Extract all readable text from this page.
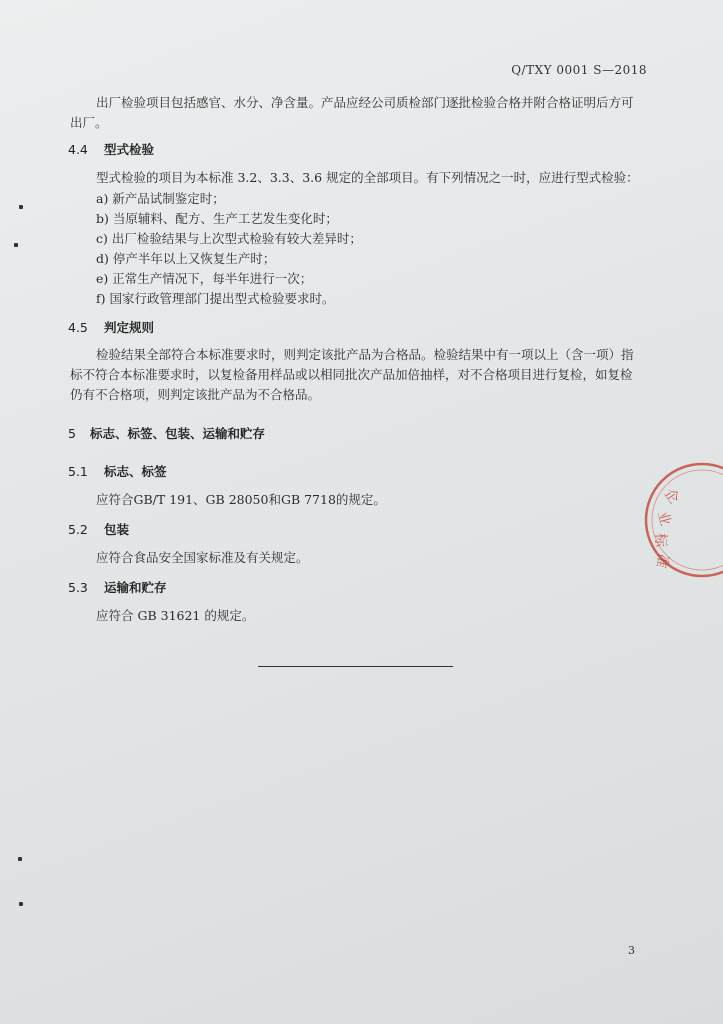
Q/TXY 0001 S—2018
出厂检验项目包括感官、水分、净含量。产品应经公司质检部门逐批检验合格并附合格证明后方可
出厂。
4.4 型式检验
型式检验的项目为本标准 3.2、3.3、3.6 规定的全部项目。有下列情况之一时，应进行型式检验：
a) 新产品试制鉴定时；
b) 当原辅料、配方、生产工艺发生变化时；
c) 出厂检验结果与上次型式检验有较大差异时；
d) 停产半年以上又恢复生产时；
e) 正常生产情况下，每半年进行一次；
f) 国家行政管理部门提出型式检验要求时。
4.5 判定规则
检验结果全部符合本标准要求时，则判定该批产品为合格品。检验结果中有一项以上（含一项）指
标不符合本标准要求时，以复检备用样品或以相同批次产品加倍抽样，对不合格项目进行复检，如复检
仍有不合格项，则判定该批产品为不合格品。
5 标志、标签、包装、运输和贮存
5.1 标志、标签
应符合GB/T 191、GB 28050和GB 7718的规定。
5.2 包装
应符合食品安全国家标准及有关规定。
5.3 运输和贮存
应符合 GB 31621 的规定。
3
企
业
标
准
